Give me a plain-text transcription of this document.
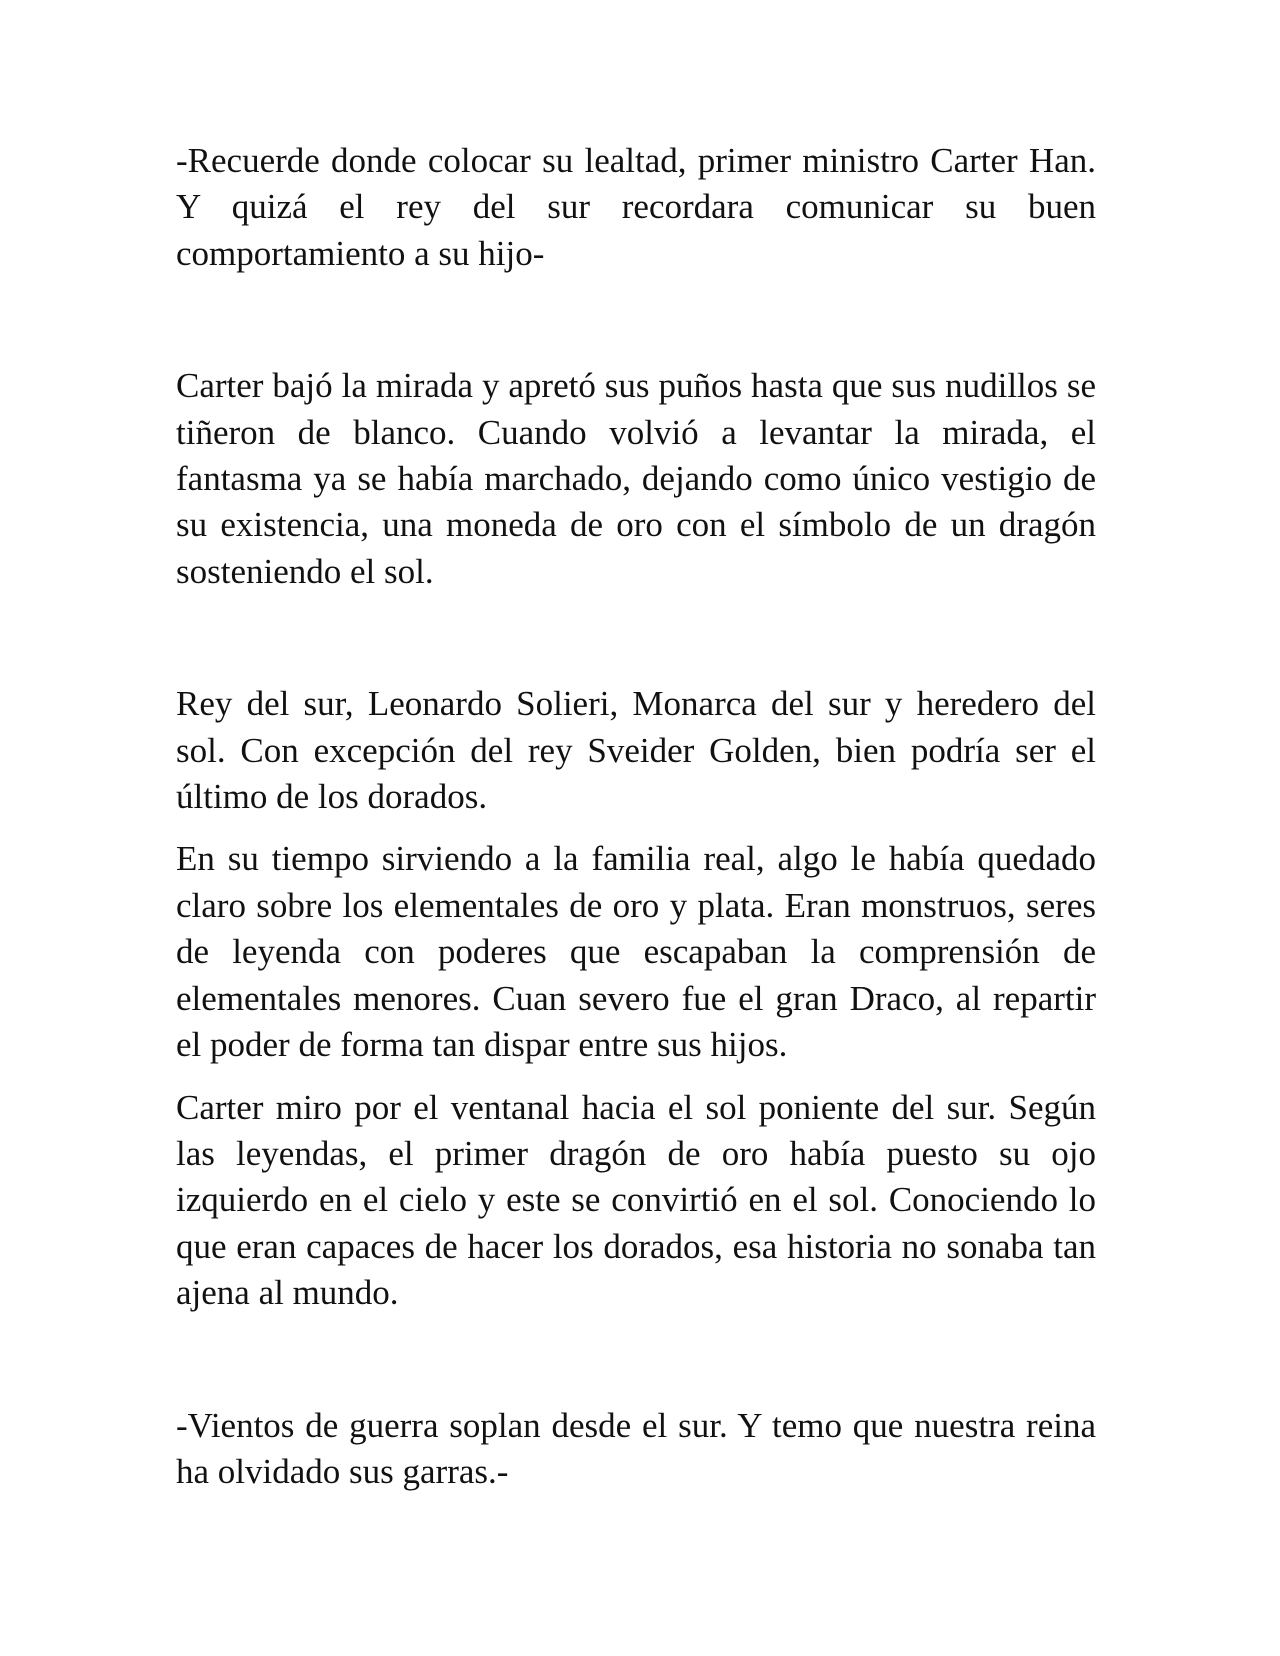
-Recuerde donde colocar su lealtad, primer ministro Carter Han. Y quizá el rey del sur recordara comunicar su buen comportamiento a su hijo-

Carter bajó la mirada y apretó sus puños hasta que sus nudillos se tiñeron de blanco. Cuando volvió a levantar la mirada, el fantasma ya se había marchado, dejando como único vestigio de su existencia, una moneda de oro con el símbolo de un dragón sosteniendo el sol.

Rey del sur, Leonardo Solieri, Monarca del sur y heredero del sol. Con excepción del rey Sveider Golden, bien podría ser el último de los dorados.

En su tiempo sirviendo a la familia real, algo le había quedado claro sobre los elementales de oro y plata. Eran monstruos, seres de leyenda con poderes que escapaban la comprensión de elementales menores. Cuan severo fue el gran Draco, al repartir el poder de forma tan dispar entre sus hijos.

Carter miro por el ventanal hacia el sol poniente del sur. Según las leyendas, el primer dragón de oro había puesto su ojo izquierdo en el cielo y este se convirtió en el sol. Conociendo lo que eran capaces de hacer los dorados, esa historia no sonaba tan ajena al mundo.

-Vientos de guerra soplan desde el sur. Y temo que nuestra reina ha olvidado sus garras.-
